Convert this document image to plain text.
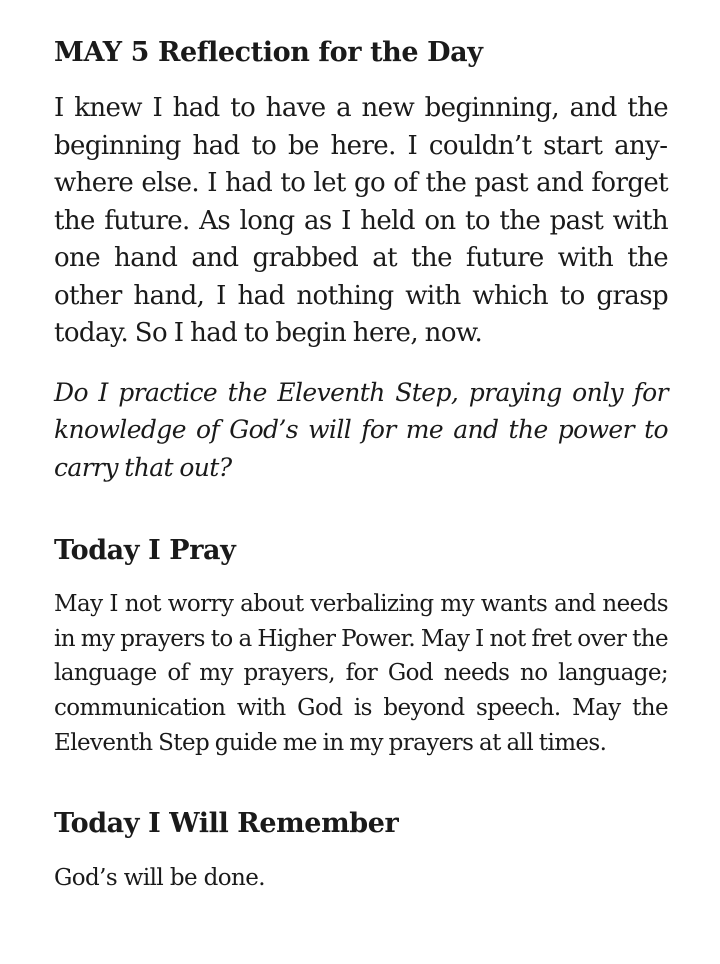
MAY 5 Reflection for the Day

I knew I had to have a new beginning, and the beginning had to be here. I couldn’t start anywhere else. I had to let go of the past and forget the future. As long as I held on to the past with one hand and grabbed at the future with the other hand, I had nothing with which to grasp today. So I had to begin here, now.

Do I practice the Eleventh Step, praying only for knowledge of God’s will for me and the power to carry that out?

Today I Pray

May I not worry about verbalizing my wants and needs in my prayers to a Higher Power. May I not fret over the language of my prayers, for God needs no language; communication with God is beyond speech. May the Eleventh Step guide me in my prayers at all times.

Today I Will Remember

God’s will be done.
